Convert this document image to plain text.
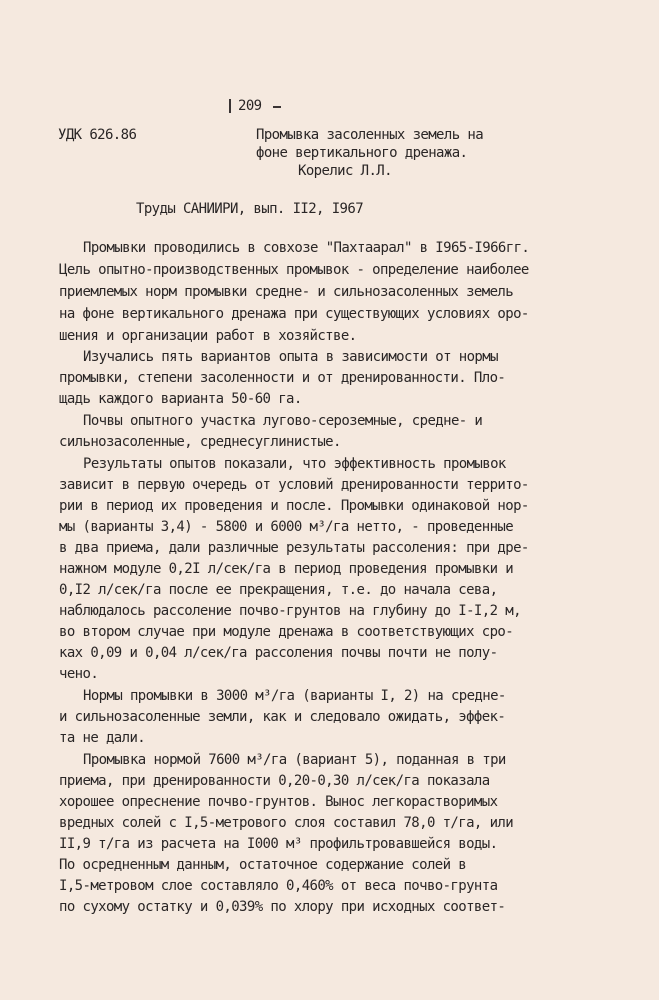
209

УДК 626.86	Промывка засоленных земель на

фоне вертикального дренажа.

Корелис Л.Л.

Труды САНИИРИ, вып. II2, I967

Промывки проводились в совхозе "Пахтаарал" в I965-I966гг.

Цель опытно-производственных промывок - определение наиболее

приемлемых норм промывки средне- и сильнозасоленных земель

на фоне вертикального дренажа при существующих условиях оро-

шения и организации работ в хозяйстве.

Изучались пять вариантов опыта в зависимости от нормы

промывки, степени засоленности и от дренированности. Пло-

щадь каждого варианта 50-60 га.

Почвы опытного участка лугово-сероземные, средне- и

сильнозасоленные, среднесуглинистые.

Результаты опытов показали, что эффективность промывок

зависит в первую очередь от условий дренированности террито-

рии в период их проведения и после. Промывки одинаковой нор-

мы (варианты 3,4) - 5800 и 6000 м³/га нетто, - проведенные

в два приема, дали различные результаты рассоления: при дре-

нажном модуле 0,2I л/сек/га в период проведения промывки и

0,I2 л/сек/га после ее прекращения, т.е. до начала сева,

наблюдалось рассоление почво-грунтов на глубину до I-I,2 м,

во втором случае при модуле дренажа в соответствующих сро-

ках 0,09 и 0,04 л/сек/га рассоления почвы почти не полу-

чено.

Нормы промывки в 3000 м³/га (варианты I, 2) на средне-

и сильнозасоленные земли, как и следовало ожидать, эффек-

та не дали.

Промывка нормой 7600 м³/га (вариант 5), поданная в три

приема, при дренированности 0,20-0,30 л/сек/га показала

хорошее опреснение почво-грунтов. Вынос легкорастворимых

вредных солей с I,5-метрового слоя составил 78,0 т/га, или

II,9 т/га из расчета на I000 м³ профильтровавшейся воды.

По осредненным данным, остаточное содержание солей в

I,5-метровом слое составляло 0,460% от веса почво-грунта

по сухому остатку и 0,039% по хлору при исходных соответ-
